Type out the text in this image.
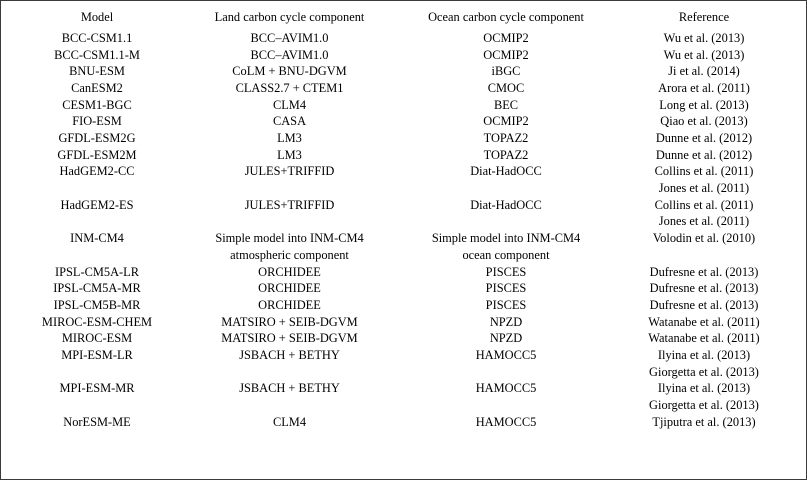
Model	Land carbon cycle component	Ocean carbon cycle component	Reference
BCC-CSM1.1	BCC–AVIM1.0	OCMIP2	Wu et al. (2013)
BCC-CSM1.1-M	BCC–AVIM1.0	OCMIP2	Wu et al. (2013)
BNU-ESM	CoLM + BNU-DGVM	iBGC	Ji et al. (2014)
CanESM2	CLASS2.7 + CTEM1	CMOC	Arora et al. (2011)
CESM1-BGC	CLM4	BEC	Long et al. (2013)
FIO-ESM	CASA	OCMIP2	Qiao et al. (2013)
GFDL-ESM2G	LM3	TOPAZ2	Dunne et al. (2012)
GFDL-ESM2M	LM3	TOPAZ2	Dunne et al. (2012)
HadGEM2-CC	JULES+TRIFFID	Diat-HadOCC	Collins et al. (2011)
			Jones et al. (2011)
HadGEM2-ES	JULES+TRIFFID	Diat-HadOCC	Collins et al. (2011)
			Jones et al. (2011)
INM-CM4	Simple model into INM-CM4	Simple model into INM-CM4	Volodin et al. (2010)
	atmospheric component	ocean component	
IPSL-CM5A-LR	ORCHIDEE	PISCES	Dufresne et al. (2013)
IPSL-CM5A-MR	ORCHIDEE	PISCES	Dufresne et al. (2013)
IPSL-CM5B-MR	ORCHIDEE	PISCES	Dufresne et al. (2013)
MIROC-ESM-CHEM	MATSIRO + SEIB-DGVM	NPZD	Watanabe et al. (2011)
MIROC-ESM	MATSIRO + SEIB-DGVM	NPZD	Watanabe et al. (2011)
MPI-ESM-LR	JSBACH + BETHY	HAMOCC5	Ilyina et al. (2013)
			Giorgetta et al. (2013)
MPI-ESM-MR	JSBACH + BETHY	HAMOCC5	Ilyina et al. (2013)
			Giorgetta et al. (2013)
NorESM-ME	CLM4	HAMOCC5	Tjiputra et al. (2013)
